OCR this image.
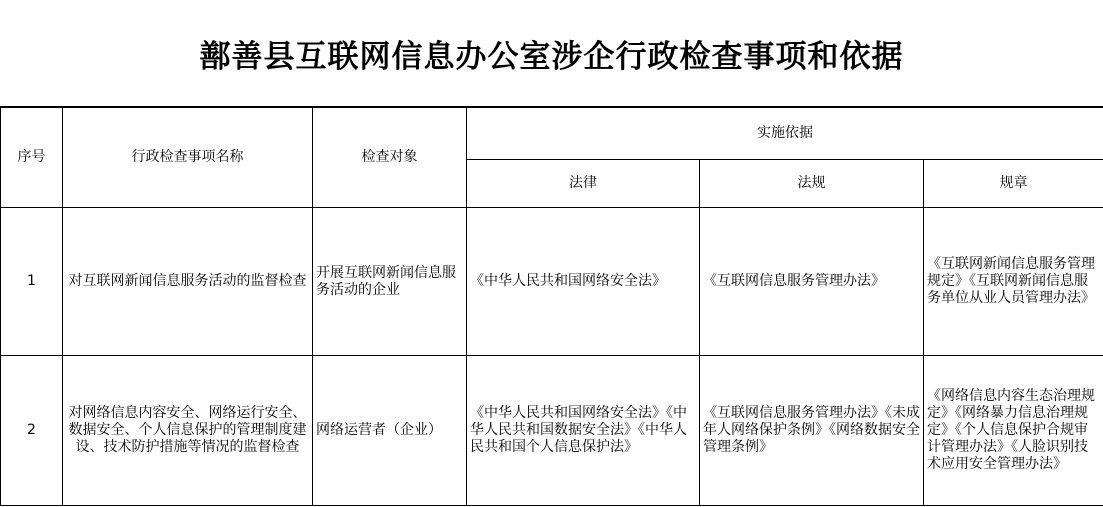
鄯善县互联网信息办公室涉企行政检查事项和依据
序号	行政检查事项名称	检查对象	实施依据		
			法律	法规	规章
1	对互联网新闻信息服务活动的监督检查	开展互联网新闻信息服务活动的企业	《中华人民共和国网络安全法》	《互联网信息服务管理办法》	《互联网新闻信息服务管理规定》《互联网新闻信息服务单位从业人员管理办法》
2	对网络信息内容安全、网络运行安全、数据安全、个人信息保护的管理制度建设、技术防护措施等情况的监督检查	网络运营者（企业）	《中华人民共和国网络安全法》《中华人民共和国数据安全法》《中华人民共和国个人信息保护法》	《互联网信息服务管理办法》《未成年人网络保护条例》《网络数据安全管理条例》	《网络信息内容生态治理规定》《网络暴力信息治理规定》《个人信息保护合规审计管理办法》《人脸识别技术应用安全管理办法》
